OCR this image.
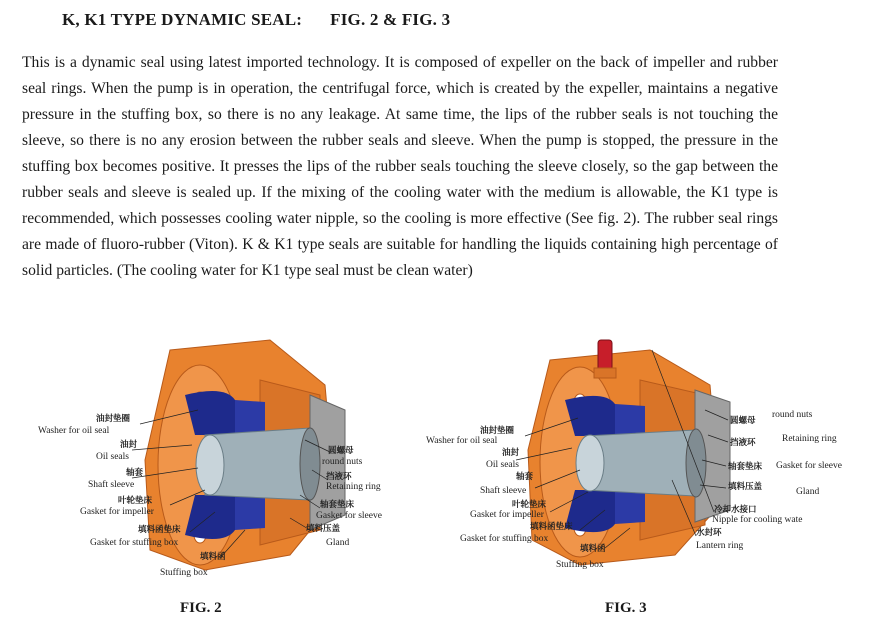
K, K1 TYPE DYNAMIC SEAL: FIG. 2 & FIG. 3

This is a dynamic seal using latest imported technology. It is composed of expeller on the back of impeller and rubber seal rings. When the pump is in operation, the centrifugal force, which is created by the expeller, maintains a negative pressure in the stuffing box, so there is no any leakage. At same time, the lips of the rubber seals is not touching the sleeve, so there is no any erosion between the rubber seals and sleeve. When the pump is stopped, the pressure in the stuffing box becomes positive. It presses the lips of the rubber seals touching the sleeve closely, so the gap between the rubber seals and sleeve is sealed up. If the mixing of the cooling water with the medium is allowable, the K1 type is recommended, which possesses cooling water nipple, so the cooling is more effective (See fig. 2). The rubber seal rings are made of fluoro-rubber (Viton). K & K1 type seals are suitable for handling the liquids containing high percentage of solid particles. (The cooling water for K1 type seal must be clean water)

油封垫圈
Washer for oil seal
油封
Oil seals
轴套
Shaft sleeve
叶轮垫床
Gasket for impeller
填料函垫床
Gasket for stuffing box
填料函
Stuffing box
圆螺母
round nuts
挡液环
Retaining ring
轴套垫床
Gasket for sleeve
填料压盖
Gland
油封垫圈
Washer for oil seal
油封
Oil seals
轴套
Shaft sleeve
叶轮垫床
Gasket for impeller
填料函垫床
Gasket for stuffing box
填料函
Stuffing box
圆螺母
round nuts
挡液环	Retaining ring
轴套垫床 Gasket for sleeve
填料压盖	Gland
冷却水接口
Nipple for cooling wate
水封环
Lantern ring

FIG. 2	FIG. 3
